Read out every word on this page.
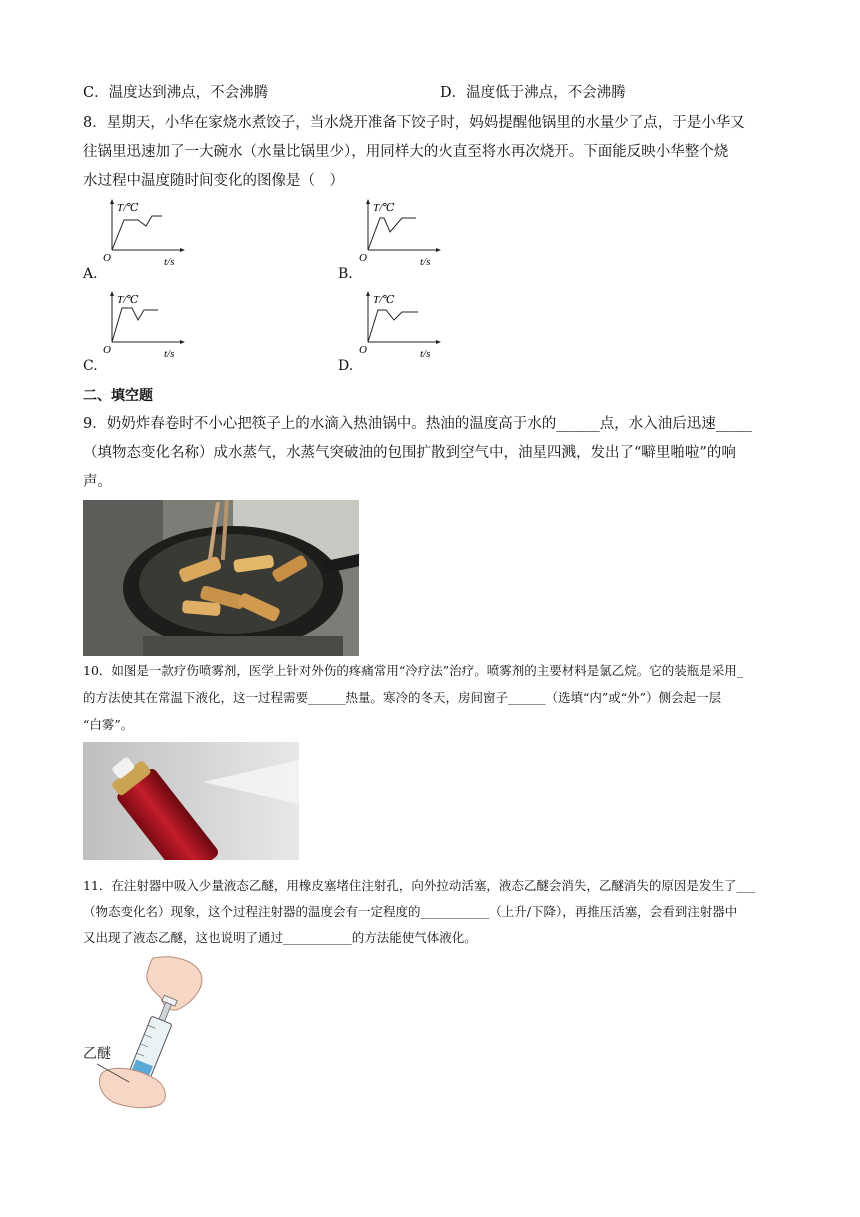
C．温度达到沸点，不会沸腾	D．温度低于沸点，不会沸腾
8．星期天，小华在家烧水煮饺子，当水烧开准备下饺子时，妈妈提醒他锅里的水量少了点，于是小华又
往锅里迅速加了一大碗水（水量比锅里少），用同样大的火直至将水再次烧开。下面能反映小华整个烧
水过程中温度随时间变化的图像是（　）
T/℃
O	t/s
A.
T/℃
O	t/s
B.
T/℃
O	t/s
C.
T/℃
O	t/s
D.
二、填空题
9．奶奶炸春卷时不小心把筷子上的水滴入热油锅中。热油的温度高于水的______点，水入油后迅速_____
（填物态变化名称）成水蒸气，水蒸气突破油的包围扩散到空气中，油星四溅，发出了“噼里啪啦”的响
声。
10．如图是一款疗伤喷雾剂，医学上针对外伤的疼痛常用“冷疗法”治疗。喷雾剂的主要材料是氯乙烷。它的装瓶是采用_
的方法使其在常温下液化，这一过程需要______热量。寒冷的冬天，房间窗子______（选填“内”或“外”）侧会起一层
“白雾”。
11．在注射器中吸入少量液态乙醚，用橡皮塞堵住注射孔，向外拉动活塞，液态乙醚会消失，乙醚消失的原因是发生了___
（物态变化名）现象，这个过程注射器的温度会有一定程度的___________（上升/下降），再推压活塞，会看到注射器中
又出现了液态乙醚，这也说明了通过___________的方法能使气体液化。
乙醚
